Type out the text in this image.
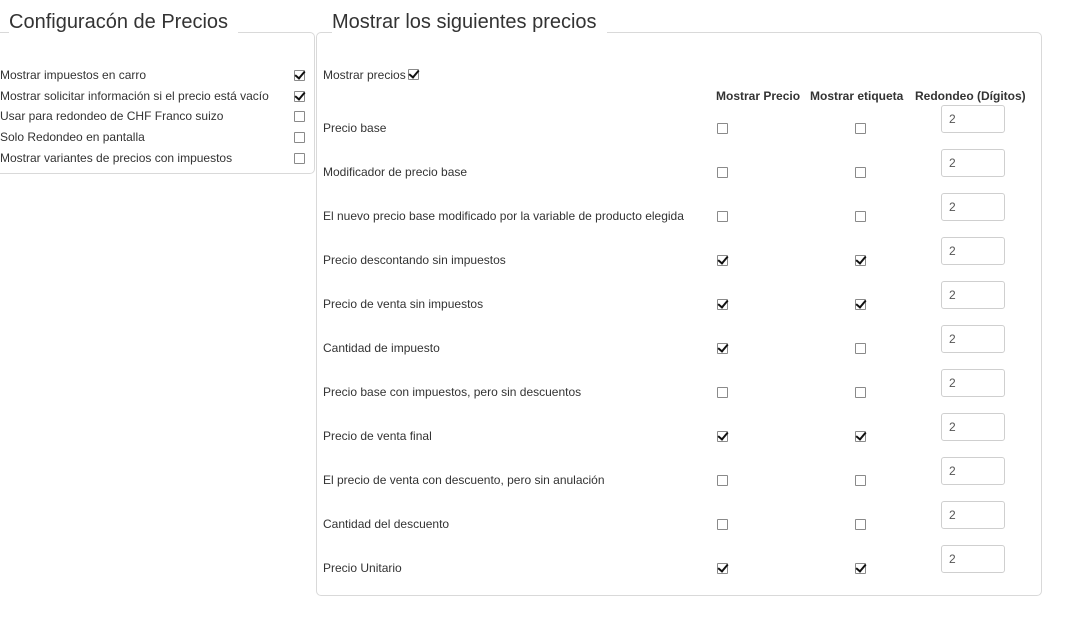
Configuracón de Precios
Mostrar impuestos en carro
Mostrar solicitar información si el precio está vacío
Usar para redondeo de CHF Franco suizo
Solo Redondeo en pantalla
Mostrar variantes de precios con impuestos
Mostrar los siguientes precios
Mostrar precios
Mostrar Precio Mostrar etiqueta Redondeo (Dígitos)
Precio base
2
Modificador de precio base
2
El nuevo precio base modificado por la variable de producto elegida
2
Precio descontando sin impuestos
2
Precio de venta sin impuestos
2
Cantidad de impuesto
2
Precio base con impuestos, pero sin descuentos
2
Precio de venta final
2
El precio de venta con descuento, pero sin anulación
2
Cantidad del descuento
2
Precio Unitario
2
